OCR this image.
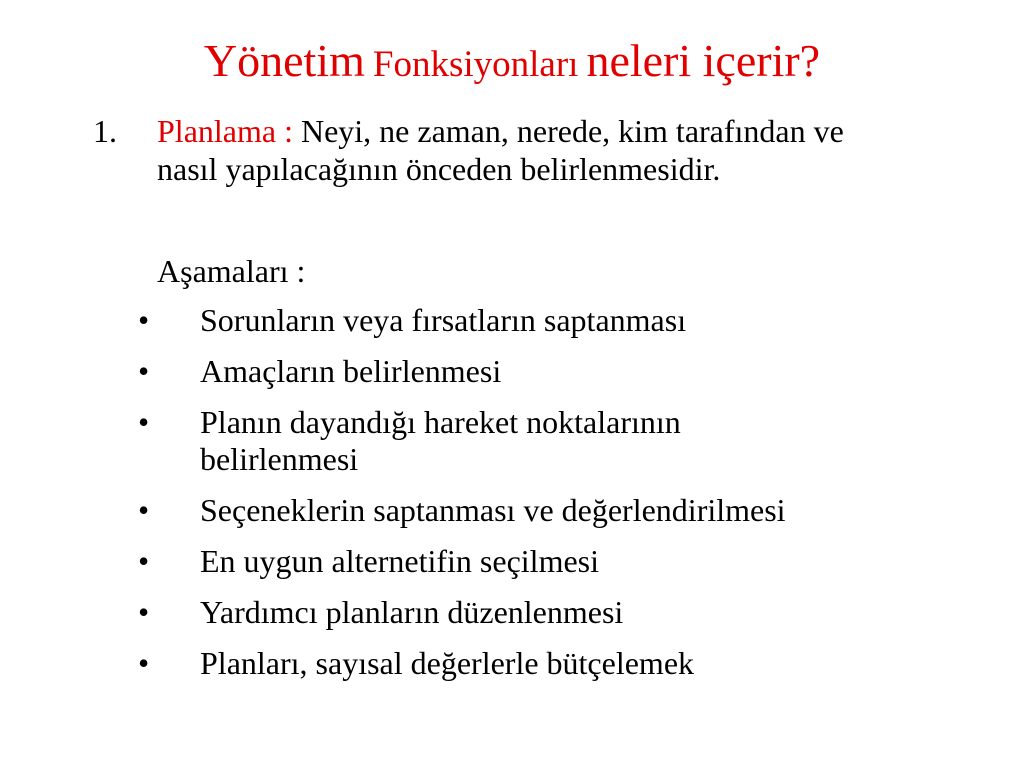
Yönetim Fonksiyonları neleri içerir?
1. Planlama : Neyi, ne zaman, nerede, kim tarafından ve nasıl yapılacağının önceden belirlenmesidir.
Aşamaları :
• Sorunların veya fırsatların saptanması
• Amaçların belirlenmesi
• Planın dayandığı hareket noktalarının belirlenmesi
• Seçeneklerin saptanması ve değerlendirilmesi
• En uygun alternetifin seçilmesi
• Yardımcı planların düzenlenmesi
• Planları, sayısal değerlerle bütçelemek
